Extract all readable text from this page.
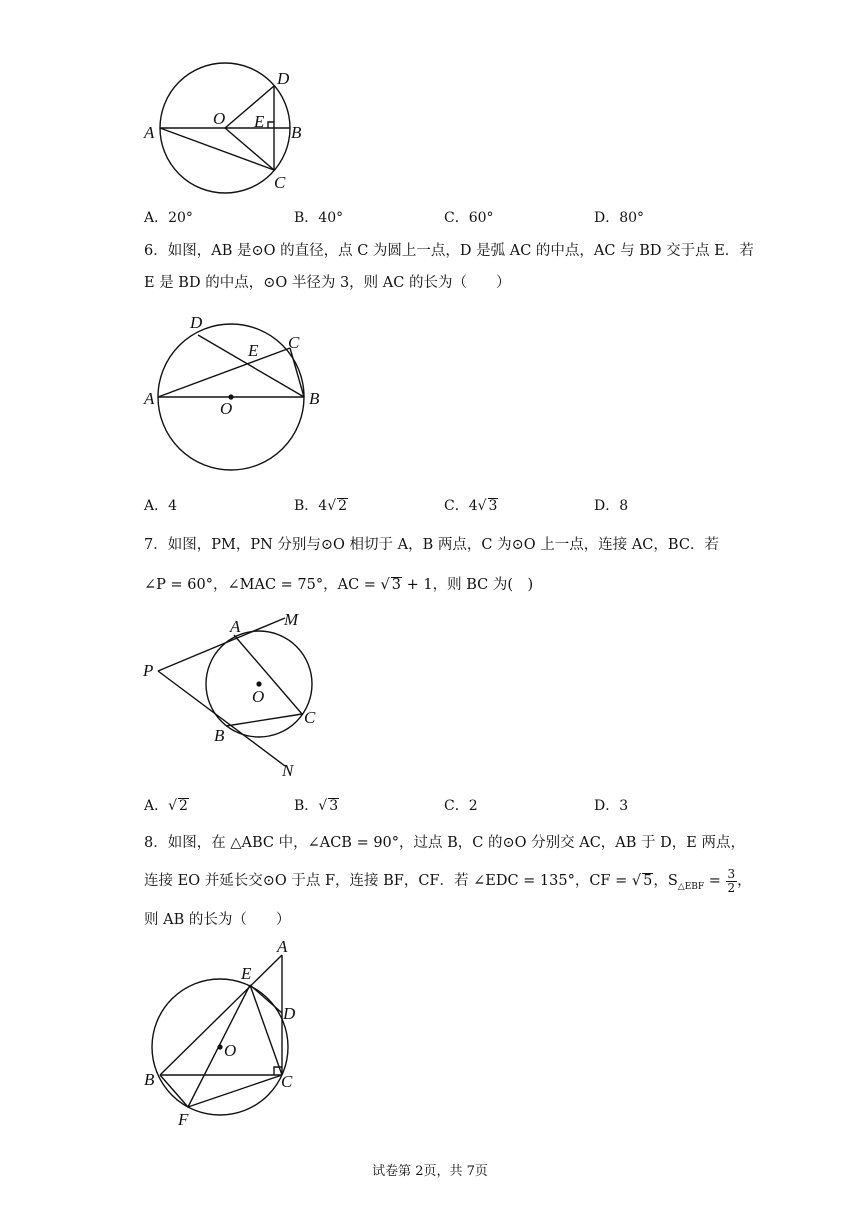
D
O E
B
A
C
A．20°	B．40°	C．60°	D．80°
6．如图，AB 是⊙O 的直径，点 C 为圆上一点，D 是弧 AC 的中点，AC 与 BD 交于点 E．若
E 是 BD 的中点，⊙O 半径为 3，则 AC 的长为（　　）
D
E C
A
O
B
A．4	B．4√ 2	C．4√ 3	D．8
7．如图，PM，PN 分别与⊙O 相切于 A，B 两点，C 为⊙O 上一点，连接 AC，BC．若
∠P = 60°，∠MAC = 75°，AC = √ 3 + 1，则 BC 为(　)
A	M
P
O
C
B
N
A．√ 2	B．√ 3	C．2	D．3
8．如图，在 △ABC 中，∠ACB = 90°，过点 B，C 的⊙O 分别交 AC，AB 于 D，E 两点，
连接 EO 并延长交⊙O 于点 F，连接 BF，CF．若 ∠EDC = 135°，CF = √ 5，$S_{\triangle EBF} = \frac{3}{2}$ ，
则 AB 的长为（　　）
A
E
D
O
B	C
F
试卷第 2页，共 7页
